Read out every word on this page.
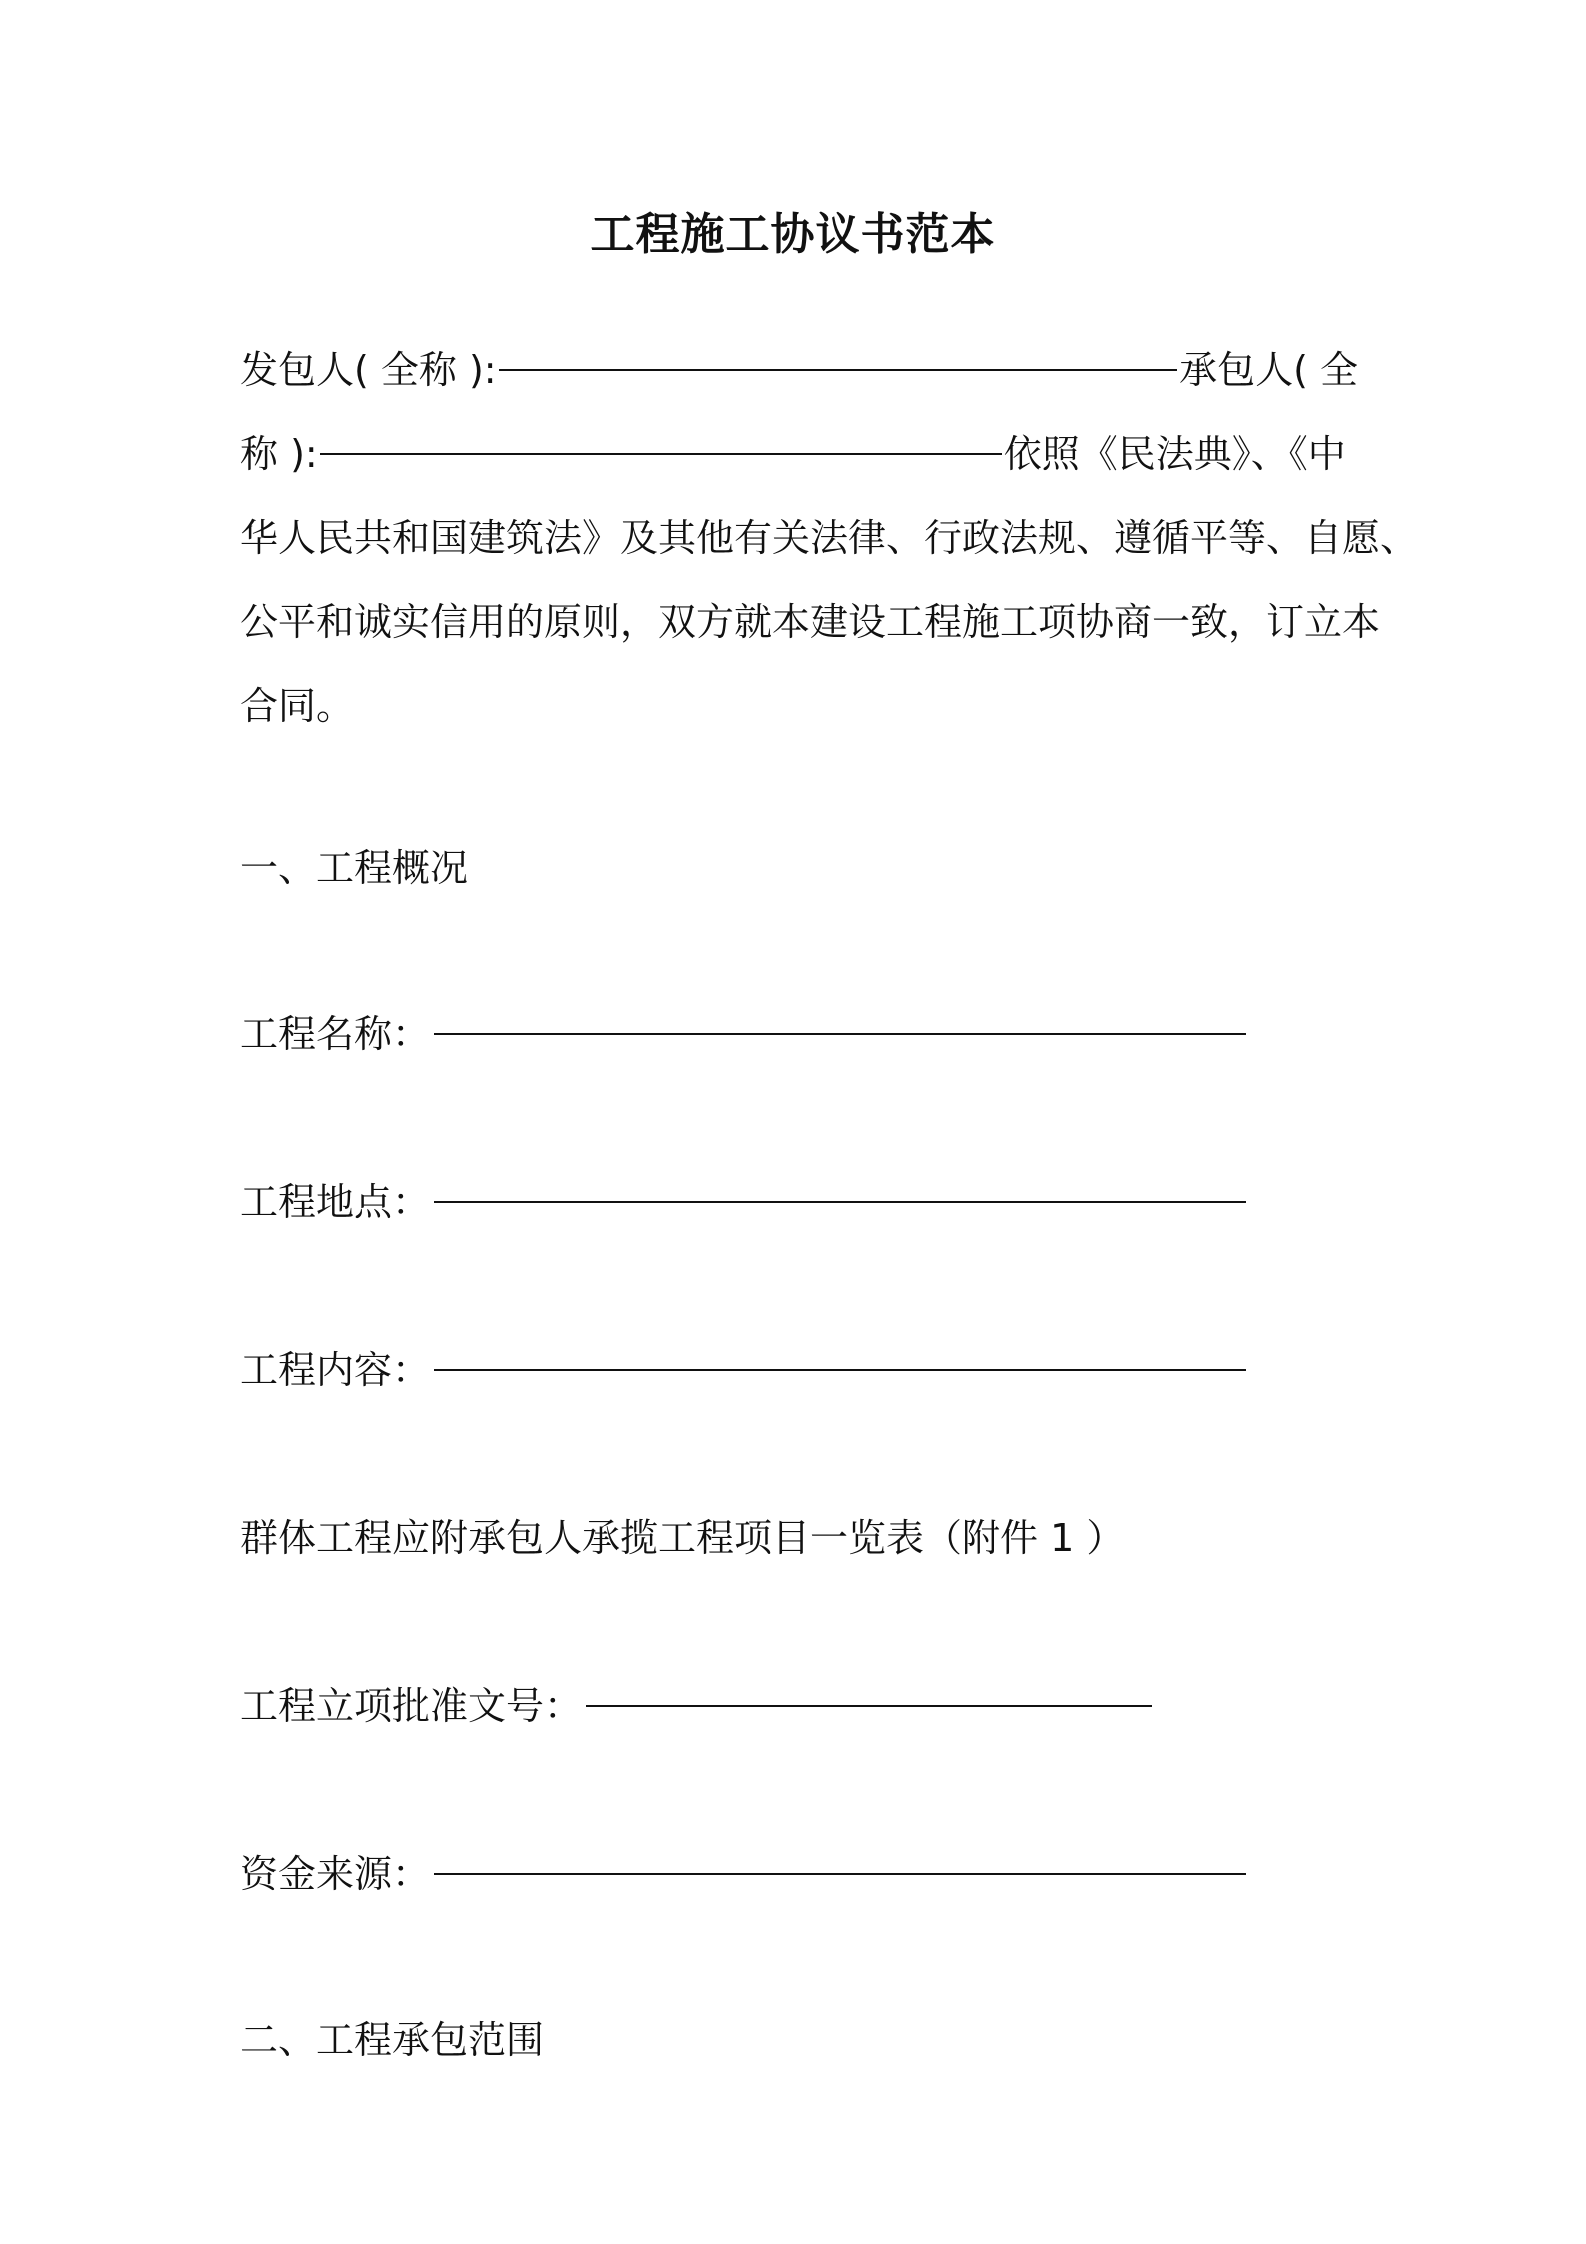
工程施工协议书范本
发包人( 全称 ):	承包人( 全
称 ):	依照《民法典》、《中
华人民共和国建筑法》及其他有关法律、行政法规、遵循平等、自愿、
公平和诚实信用的原则，双方就本建设工程施工项协商一致，订立本
合同。
一、工程概况
工程名称：
工程地点：
工程内容：
群体工程应附承包人承揽工程项目一览表（附件 1 ）
工程立项批准文号：
资金来源：
二、工程承包范围
